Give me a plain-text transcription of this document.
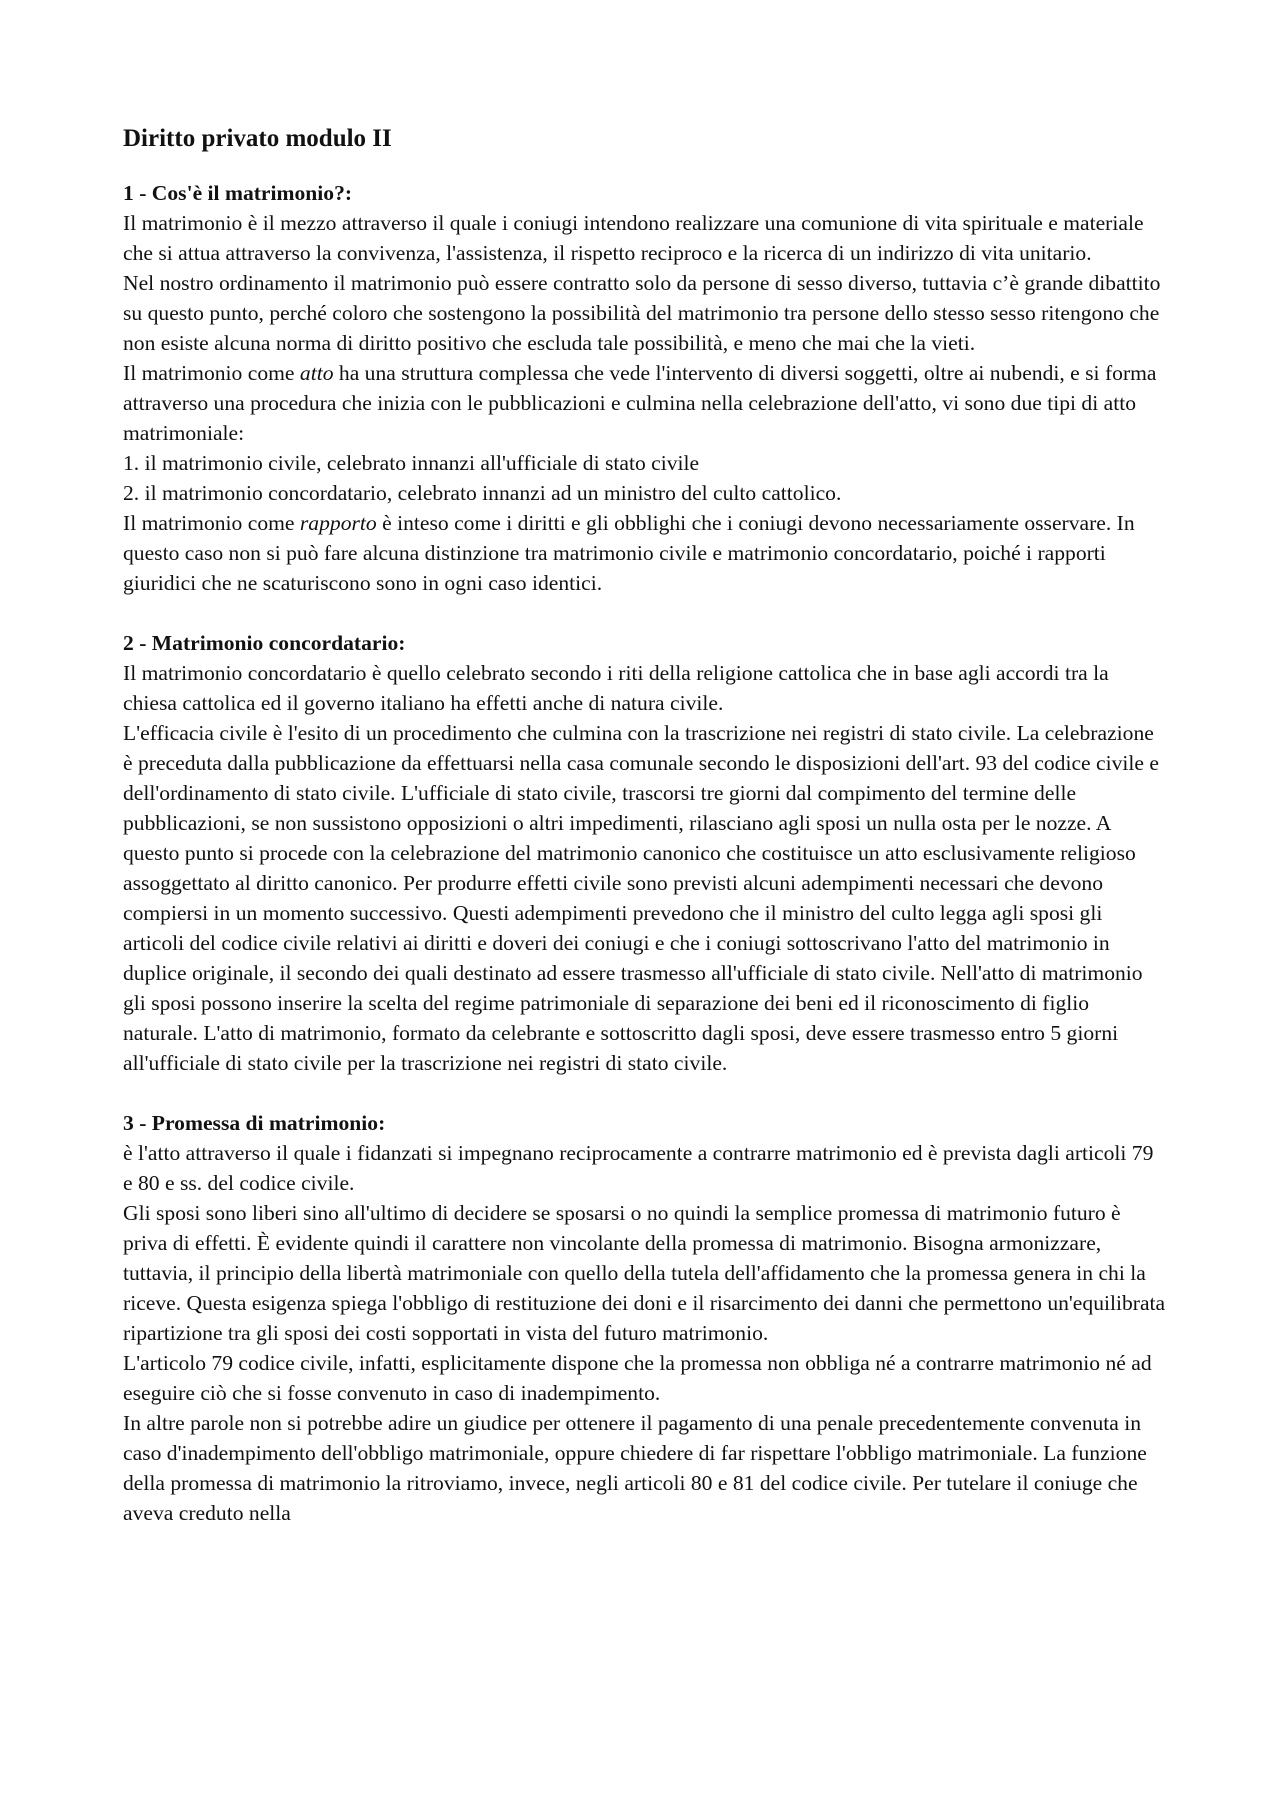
Diritto privato modulo II
1 - Cos'è il matrimonio?:

Il matrimonio è il mezzo attraverso il quale i coniugi intendono realizzare una comunione di vita spirituale e materiale che si attua attraverso la convivenza, l'assistenza, il rispetto reciproco e la ricerca di un indirizzo di vita unitario.

Nel nostro ordinamento il matrimonio può essere contratto solo da persone di sesso diverso, tuttavia c’è grande dibattito su questo punto, perché coloro che sostengono la possibilità del matrimonio tra persone dello stesso sesso ritengono che non esiste alcuna norma di diritto positivo che escluda tale possibilità, e meno che mai che la vieti.

Il matrimonio come atto ha una struttura complessa che vede l'intervento di diversi soggetti, oltre ai nubendi, e si forma attraverso una procedura che inizia con le pubblicazioni e culmina nella celebrazione dell'atto, vi sono due tipi di atto matrimoniale:

1. il matrimonio civile, celebrato innanzi all'ufficiale di stato civile

2. il matrimonio concordatario, celebrato innanzi ad un ministro del culto cattolico.

Il matrimonio come rapporto è inteso come i diritti e gli obblighi che i coniugi devono necessariamente osservare. In questo caso non si può fare alcuna distinzione tra matrimonio civile e matrimonio concordatario, poiché i rapporti giuridici che ne scaturiscono sono in ogni caso identici.

2 - Matrimonio concordatario:

Il matrimonio concordatario è quello celebrato secondo i riti della religione cattolica che in base agli accordi tra la chiesa cattolica ed il governo italiano ha effetti anche di natura civile.

L'efficacia civile è l'esito di un procedimento che culmina con la trascrizione nei registri di stato civile. La celebrazione è preceduta dalla pubblicazione da effettuarsi nella casa comunale secondo le disposizioni dell'art. 93 del codice civile e dell'ordinamento di stato civile. L'ufficiale di stato civile, trascorsi tre giorni dal compimento del termine delle pubblicazioni, se non sussistono opposizioni o altri impedimenti, rilasciano agli sposi un nulla osta per le nozze. A questo punto si procede con la celebrazione del matrimonio canonico che costituisce un atto esclusivamente religioso assoggettato al diritto canonico. Per produrre effetti civile sono previsti alcuni adempimenti necessari che devono compiersi in un momento successivo. Questi adempimenti prevedono che il ministro del culto legga agli sposi gli articoli del codice civile relativi ai diritti e doveri dei coniugi e che i coniugi sottoscrivano l'atto del matrimonio in duplice originale, il secondo dei quali destinato ad essere trasmesso all'ufficiale di stato civile. Nell'atto di matrimonio gli sposi possono inserire la scelta del regime patrimoniale di separazione dei beni ed il riconoscimento di figlio naturale. L'atto di matrimonio, formato da celebrante e sottoscritto dagli sposi, deve essere trasmesso entro 5 giorni all'ufficiale di stato civile per la trascrizione nei registri di stato civile.

3 - Promessa di matrimonio:

è l'atto attraverso il quale i fidanzati si impegnano reciprocamente a contrarre matrimonio ed è prevista dagli articoli 79 e 80 e ss. del codice civile.

Gli sposi sono liberi sino all'ultimo di decidere se sposarsi o no quindi la semplice promessa di matrimonio futuro è priva di effetti. È evidente quindi il carattere non vincolante della promessa di matrimonio. Bisogna armonizzare, tuttavia, il principio della libertà matrimoniale con quello della tutela dell'affidamento che la promessa genera in chi la riceve. Questa esigenza spiega l'obbligo di restituzione dei doni e il risarcimento dei danni che permettono un'equilibrata ripartizione tra gli sposi dei costi sopportati in vista del futuro matrimonio.

L'articolo 79 codice civile, infatti, esplicitamente dispone che la promessa non obbliga né a contrarre matrimonio né ad eseguire ciò che si fosse convenuto in caso di inadempimento.

In altre parole non si potrebbe adire un giudice per ottenere il pagamento di una penale precedentemente convenuta in caso d'inadempimento dell'obbligo matrimoniale, oppure chiedere di far rispettare l'obbligo matrimoniale. La funzione della promessa di matrimonio la ritroviamo, invece, negli articoli 80 e 81 del codice civile. Per tutelare il coniuge che aveva creduto nella
